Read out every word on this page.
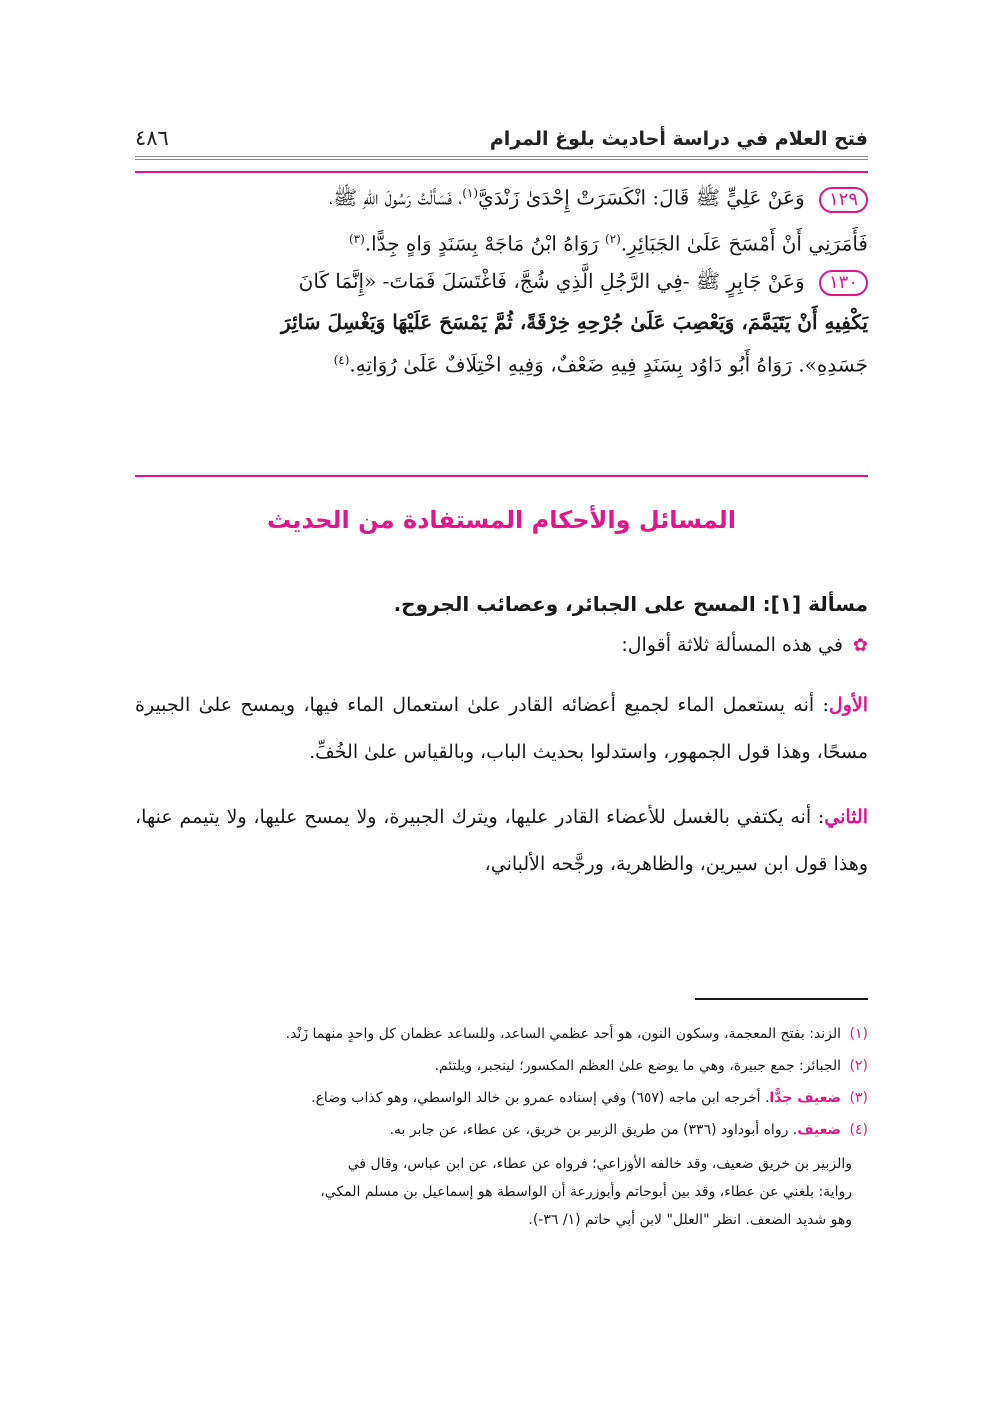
فتح العلام في دراسة أحاديث بلوغ المرام
٤٨٦

١٢٩ وَعَنْ عَلِيٍّ ﷺ قَالَ: انْكَسَرَتْ إِحْدَىٰ زَنْدَيَّ$^{(١)}$، فَسَأَلْتُ رَسُولَ اللهِ ﷺ،

فَأَمَرَنِي أَنْ أَمْسَحَ عَلَىٰ الجَبَائِرِ.$^{(٢)}$ رَوَاهُ ابْنُ مَاجَهْ بِسَنَدٍ وَاهٍ جِدًّا.$^{(٣)}$

١٣٠ وَعَنْ جَابِرٍ ﷺ -فِي الرَّجُلِ الَّذِي شُجَّ، فَاغْتَسَلَ فَمَاتَ- «إِنَّمَا كَانَ

يَكْفِيهِ أَنْ يَتَيَمَّمَ، وَيَعْصِبَ عَلَىٰ جُرْحِهِ خِرْقَةً، ثُمَّ يَمْسَحَ عَلَيْهَا وَيَغْسِلَ سَائِرَ

جَسَدِهِ». رَوَاهُ أَبُو دَاوُد بِسَنَدٍ فِيهِ ضَعْفٌ، وَفِيهِ اخْتِلَافٌ عَلَىٰ رُوَاتِهِ.$^{(٤)}$

المسائل والأحكام المستفادة من الحديث

مسألة [١]: المسح على الجبائر، وعصائب الجروح.

✿
في هذه المسألة ثلاثة أقوال:

الأول: أنه يستعمل الماء لجميع أعضائه القادر علىٰ استعمال الماء فيها، ويمسح علىٰ الجبيرة مسحًا، وهذا قول الجمهور، واستدلوا بحديث الباب، وبالقياس علىٰ الخُفِّ.

الثاني: أنه يكتفي بالغسل للأعضاء القادر عليها، ويترك الجبيرة، ولا يمسح عليها، ولا يتيمم عنها، وهذا قول ابن سيرين، والظاهرية، ورجَّحه الألباني،

(١) الزند: بفتح المعجمة، وسكون النون، هو أحد عظمي الساعد، وللساعد عظمان كل واحدٍ منهما زَنْد.

(٢) الجبائر: جمع جبيرة، وهي ما يوضع علىٰ العظم المكسور؛ لينجبر، ويلتئم.

(٣) ضعيف جدًّا. أخرجه ابن ماجه (٦٥٧) وفي إسناده عمرو بن خالد الواسطي، وهو كذاب وضاع.

(٤) ضعيف. رواه أبوداود (٣٣٦) من طريق الزبير بن خريق، عن عطاء، عن جابر به.

والزبير بن خريق ضعيف، وقد خالفه الأوزاعي؛ فرواه عن عطاء، عن ابن عباس، وقال في

رواية: بلغني عن عطاء، وقد بين أبوحاتم وأبوزرعة أن الواسطة هو إسماعيل بن مسلم المكي،

وهو شديد الضعف. انظر "العلل" لابن أبي حاتم (١/ ٣٦-).
